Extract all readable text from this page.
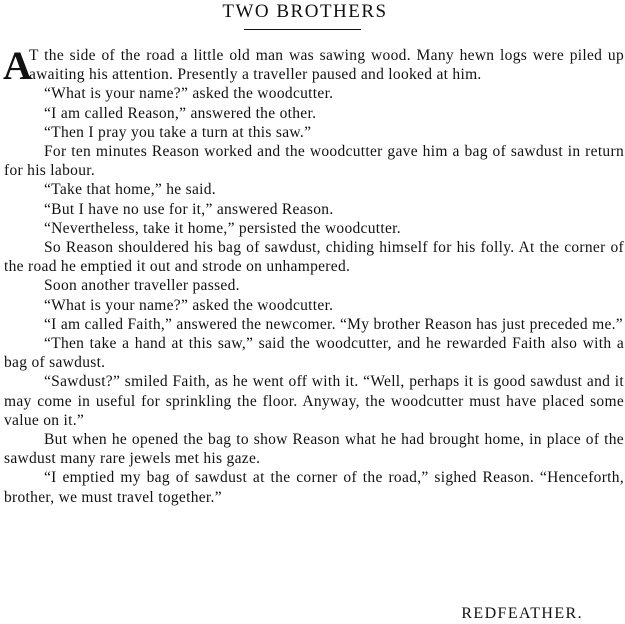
TWO BROTHERS

A
T the side of the road a little old man was sawing wood. Many hewn logs were piled up awaiting his attention. Presently a traveller paused and looked at him.

“What is your name?” asked the woodcutter.

“I am called Reason,” answered the other.

“Then I pray you take a turn at this saw.”

For ten minutes Reason worked and the woodcutter gave him a bag of sawdust in return for his labour.

“Take that home,” he said.

“But I have no use for it,” answered Reason.

“Nevertheless, take it home,” persisted the woodcutter.

So Reason shouldered his bag of sawdust, chiding himself for his folly. At the corner of the road he emptied it out and strode on unhampered.

Soon another traveller passed.

“What is your name?” asked the woodcutter.

“I am called Faith,” answered the newcomer. “My brother Reason has just preceded me.”

“Then take a hand at this saw,” said the woodcutter, and he rewarded Faith also with a bag of sawdust.

“Sawdust?” smiled Faith, as he went off with it. “Well, perhaps it is good sawdust and it may come in useful for sprinkling the floor. Anyway, the woodcutter must have placed some value on it.”

But when he opened the bag to show Reason what he had brought home, in place of the sawdust many rare jewels met his gaze.

“I emptied my bag of sawdust at the corner of the road,” sighed Reason. “Henceforth, brother, we must travel together.”

REDFEATHER.
